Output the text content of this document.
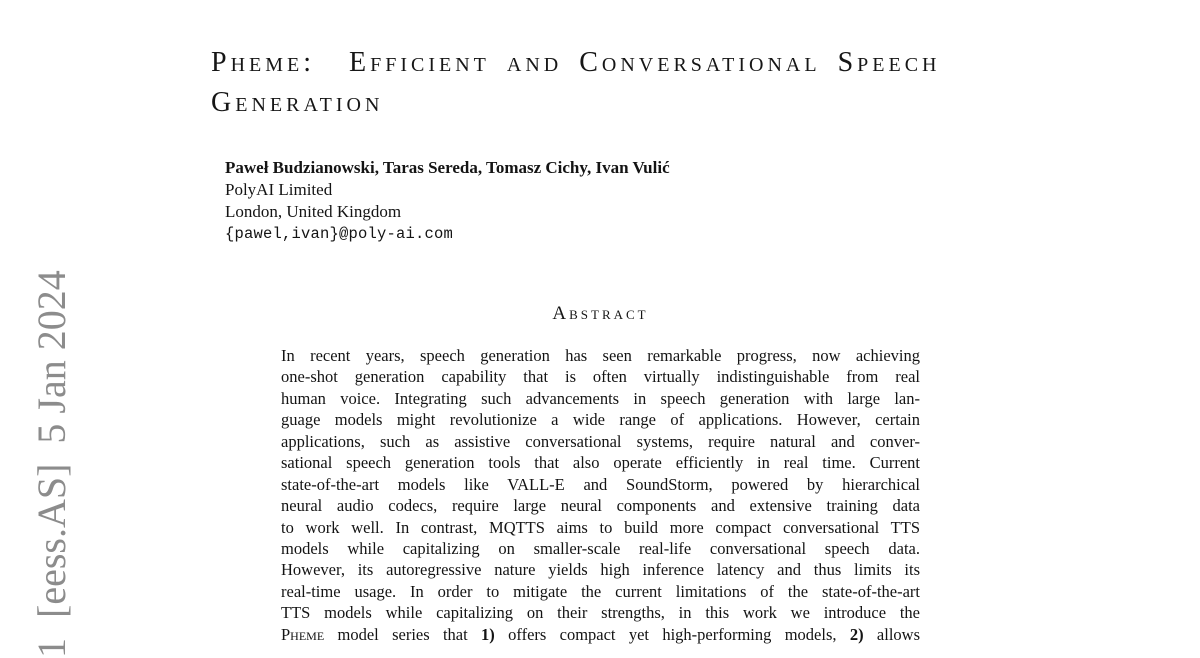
1  [eess.AS]  5 Jan 2024
Pheme:  Efficient and Conversational Speech
Generation
Paweł Budzianowski, Taras Sereda, Tomasz Cichy, Ivan Vulić
PolyAI Limited
London, United Kingdom
{pawel,ivan}@poly-ai.com
Abstract
In recent years, speech generation has seen remarkable progress, now achieving
one-shot generation capability that is often virtually indistinguishable from real
human voice. Integrating such advancements in speech generation with large lan-
guage models might revolutionize a wide range of applications. However, certain
applications, such as assistive conversational systems, require natural and conver-
sational speech generation tools that also operate efficiently in real time. Current
state-of-the-art models like VALL-E and SoundStorm, powered by hierarchical
neural audio codecs, require large neural components and extensive training data
to work well. In contrast, MQTTS aims to build more compact conversational TTS
models while capitalizing on smaller-scale real-life conversational speech data.
However, its autoregressive nature yields high inference latency and thus limits its
real-time usage. In order to mitigate the current limitations of the state-of-the-art
TTS models while capitalizing on their strengths, in this work we introduce the
Pheme model series that 1) offers compact yet high-performing models, 2) allows
